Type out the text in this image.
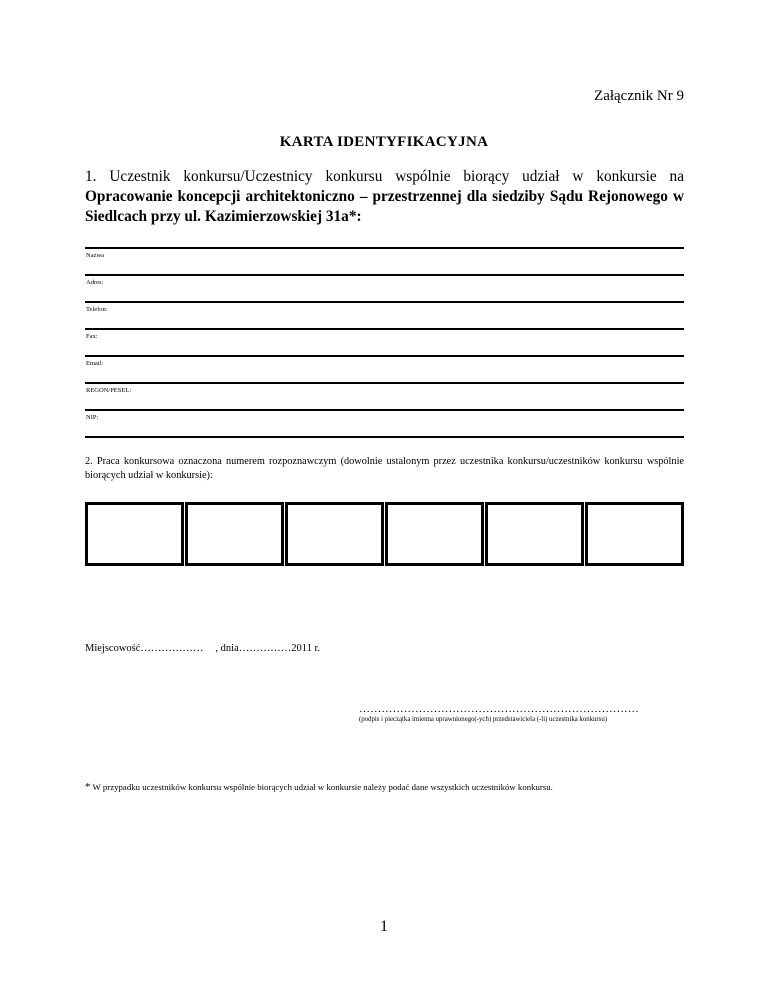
Załącznik Nr 9
KARTA IDENTYFIKACYJNA
1. Uczestnik konkursu/Uczestnicy konkursu wspólnie biorący udział w konkursie na Opracowanie koncepcji architektoniczno – przestrzennej dla siedziby Sądu Rejonowego w Siedlcach przy ul. Kazimierzowskiej 31a*:
Nazwa
Adres:
Telefon:
Fax:
Email:
REGON/PESEL:
NIP:
2. Praca konkursowa oznaczona numerem rozpoznawczym (dowolnie ustalonym przez uczestnika konkursu/uczestników konkursu wspólnie biorących udział w konkursie):
Miejscowość……………… , dnia……………2011 r.
…………………………………………………………………
(podpis i pieczątka imienna uprawnionego(-ych) przedstawiciela (-li) uczestnika konkursu)
* W przypadku uczestników konkursu wspólnie biorących udział w konkursie należy podać dane wszystkich uczestników konkursu.
1
